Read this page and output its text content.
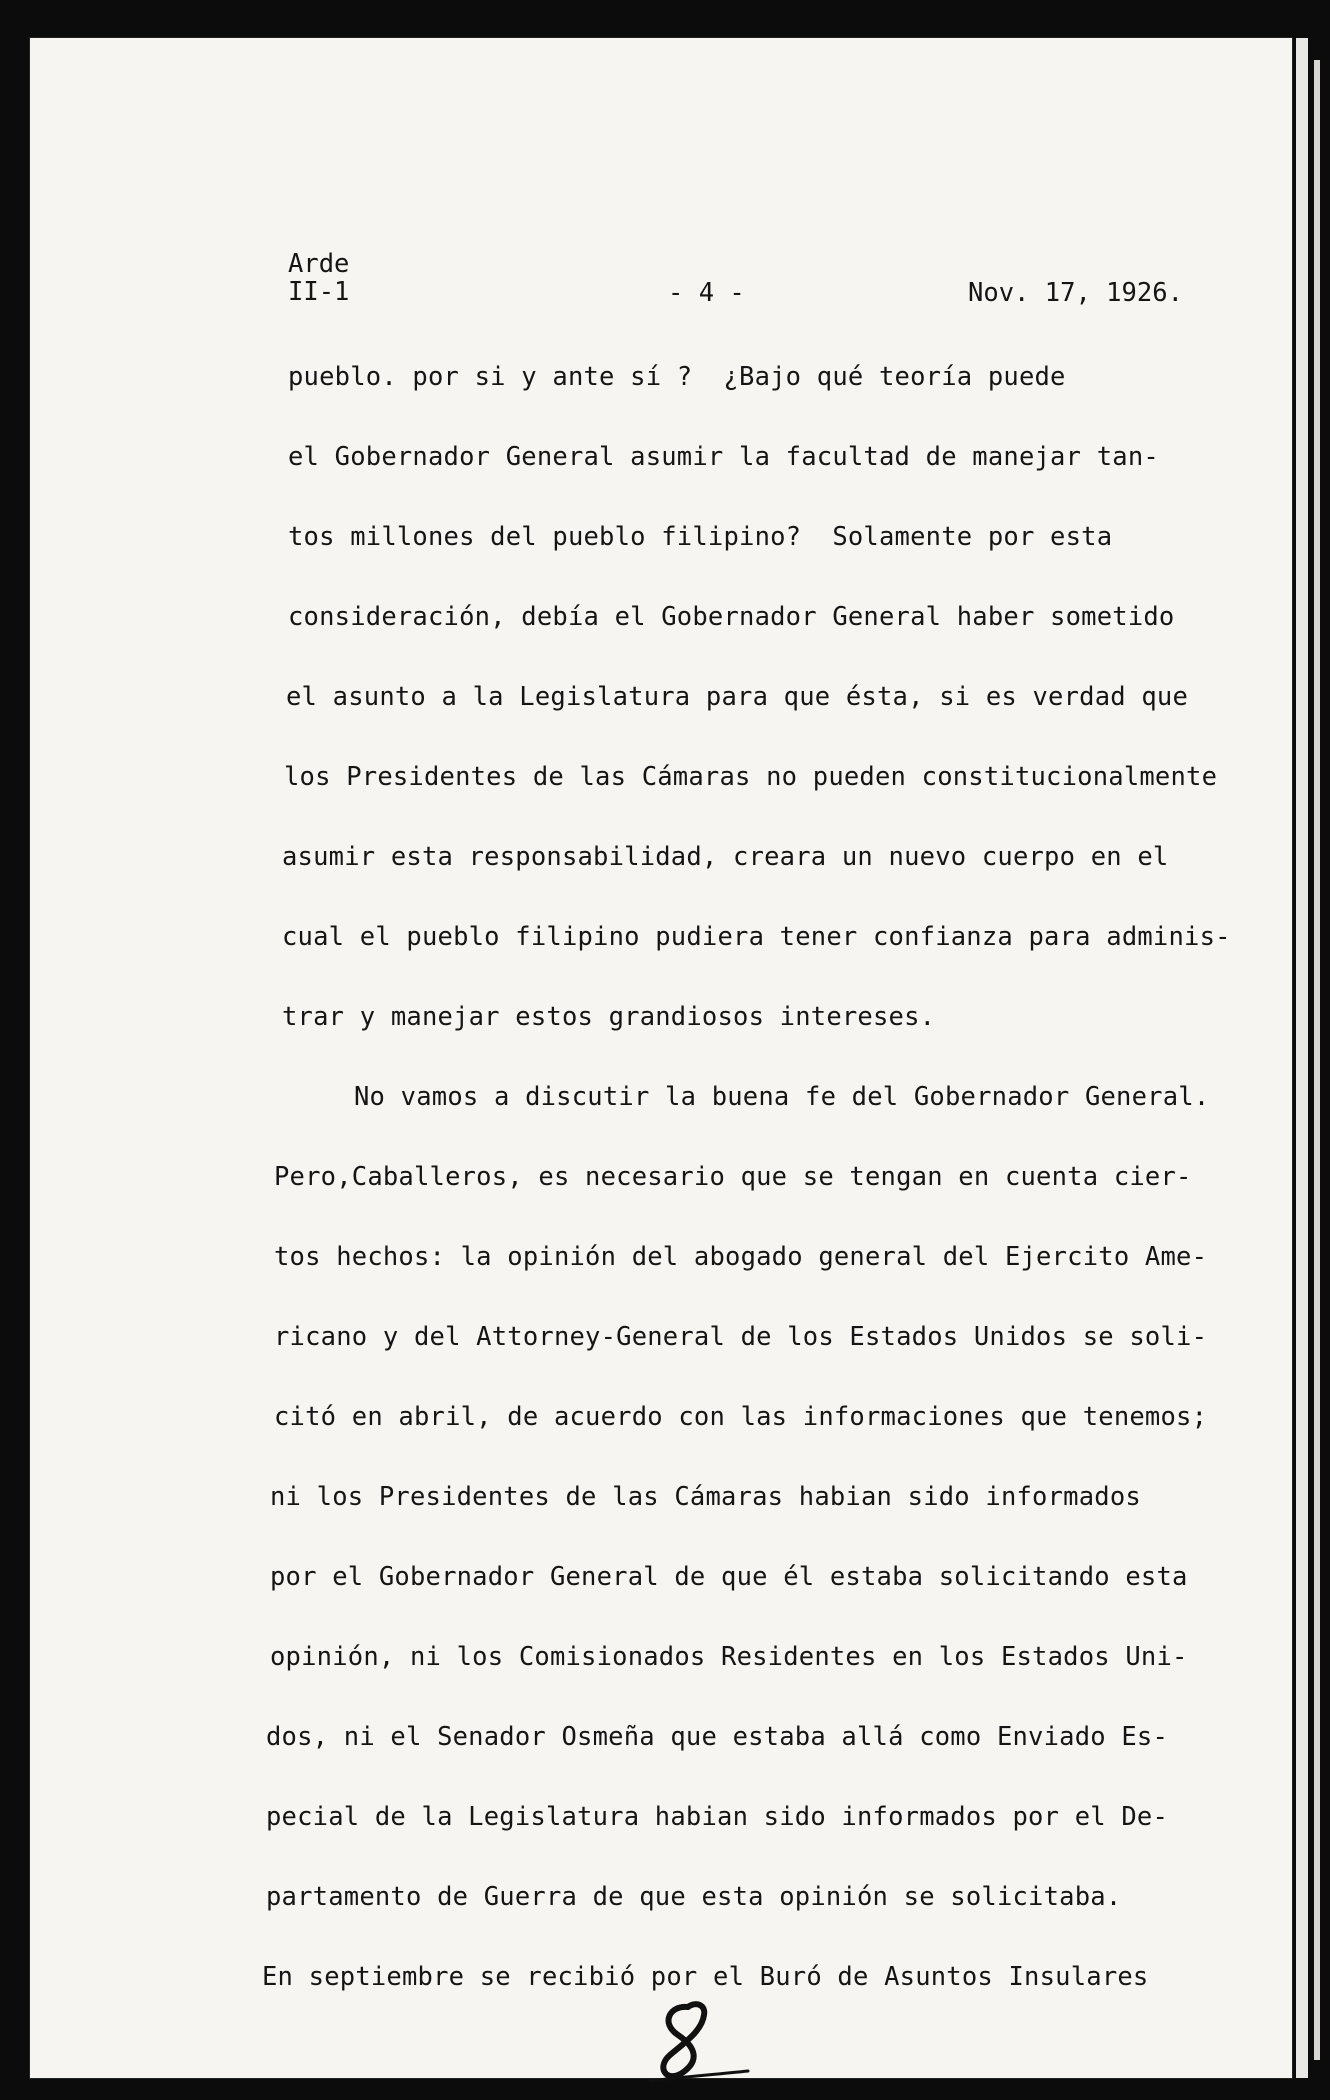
Arde
II-1	- 4 -	Nov. 17, 1926.
pueblo. por si y ante sí ?  ¿Bajo qué teoría puede
el Gobernador General asumir la facultad de manejar tan-
tos millones del pueblo filipino?  Solamente por esta
consideración, debía el Gobernador General haber sometido
el asunto a la Legislatura para que ésta, si es verdad que
los Presidentes de las Cámaras no pueden constitucionalmente
asumir esta responsabilidad, creara un nuevo cuerpo en el
cual el pueblo filipino pudiera tener confianza para adminis-
trar y manejar estos grandiosos intereses.
No vamos a discutir la buena fe del Gobernador General.
Pero,Caballeros, es necesario que se tengan en cuenta cier-
tos hechos: la opinión del abogado general del Ejercito Ame-
ricano y del Attorney-General de los Estados Unidos se soli-
citó en abril, de acuerdo con las informaciones que tenemos;
ni los Presidentes de las Cámaras habian sido informados
por el Gobernador General de que él estaba solicitando esta
opinión, ni los Comisionados Residentes en los Estados Uni-
dos, ni el Senador Osmeña que estaba allá como Enviado Es-
pecial de la Legislatura habian sido informados por el De-
partamento de Guerra de que esta opinión se solicitaba.
En septiembre se recibió por el Buró de Asuntos Insulares
